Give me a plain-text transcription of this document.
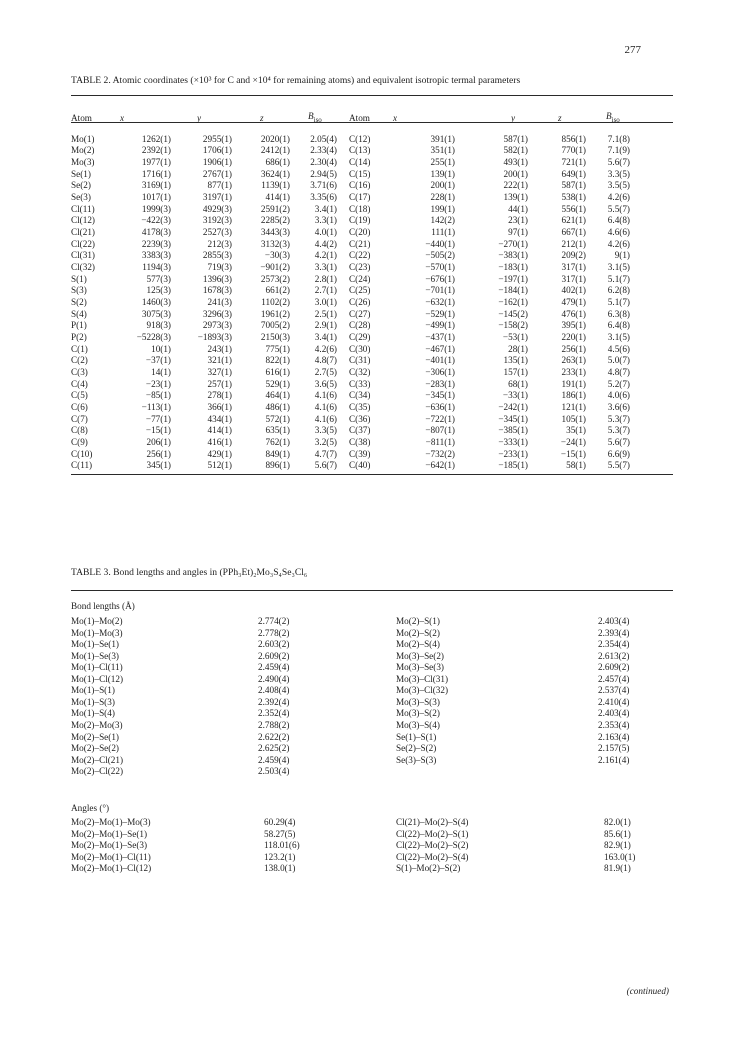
277
TABLE 2. Atomic coordinates (×10³ for C and ×10⁴ for remaining atoms) and equivalent isotropic termal parameters
Atom	x	y	z	$B_{iso}$		Atom	x	y	z	$B_{iso}$

Mo(1)	1262(1)	2955(1)	2020(1)	2.05(4)		C(12)	391(1)	587(1)	856(1)	7.1(8)
Mo(2)	2392(1)	1706(1)	2412(1)	2.33(4)		C(13)	351(1)	582(1)	770(1)	7.1(9)
Mo(3)	1977(1)	1906(1)	686(1)	2.30(4)		C(14)	255(1)	493(1)	721(1)	5.6(7)
Se(1)	1716(1)	2767(1)	3624(1)	2.94(5)		C(15)	139(1)	200(1)	649(1)	3.3(5)
Se(2)	3169(1)	877(1)	1139(1)	3.71(6)		C(16)	200(1)	222(1)	587(1)	3.5(5)
Se(3)	1017(1)	3197(1)	414(1)	3.35(6)		C(17)	228(1)	139(1)	538(1)	4.2(6)
Cl(11)	1999(3)	4929(3)	2591(2)	3.4(1)		C(18)	199(1)	44(1)	556(1)	5.5(7)
Cl(12)	−422(3)	3192(3)	2285(2)	3.3(1)		C(19)	142(2)	23(1)	621(1)	6.4(8)
Cl(21)	4178(3)	2527(3)	3443(3)	4.0(1)		C(20)	111(1)	97(1)	667(1)	4.6(6)
Cl(22)	2239(3)	212(3)	3132(3)	4.4(2)		C(21)	−440(1)	−270(1)	212(1)	4.2(6)
Cl(31)	3383(3)	2855(3)	−30(3)	4.2(1)		C(22)	−505(2)	−383(1)	209(2)	9(1)
Cl(32)	1194(3)	719(3)	−901(2)	3.3(1)		C(23)	−570(1)	−183(1)	317(1)	3.1(5)
S(1)	577(3)	1396(3)	2573(2)	2.8(1)		C(24)	−676(1)	−197(1)	317(1)	5.1(7)
S(3)	125(3)	1678(3)	661(2)	2.7(1)		C(25)	−701(1)	−184(1)	402(1)	6.2(8)
S(2)	1460(3)	241(3)	1102(2)	3.0(1)		C(26)	−632(1)	−162(1)	479(1)	5.1(7)
S(4)	3075(3)	3296(3)	1961(2)	2.5(1)		C(27)	−529(1)	−145(2)	476(1)	6.3(8)
P(1)	918(3)	2973(3)	7005(2)	2.9(1)		C(28)	−499(1)	−158(2)	395(1)	6.4(8)
P(2)	−5228(3)	−1893(3)	2150(3)	3.4(1)		C(29)	−437(1)	−53(1)	220(1)	3.1(5)
C(1)	10(1)	243(1)	775(1)	4.2(6)		C(30)	−467(1)	28(1)	256(1)	4.5(6)
C(2)	−37(1)	321(1)	822(1)	4.8(7)		C(31)	−401(1)	135(1)	263(1)	5.0(7)
C(3)	14(1)	327(1)	616(1)	2.7(5)		C(32)	−306(1)	157(1)	233(1)	4.8(7)
C(4)	−23(1)	257(1)	529(1)	3.6(5)		C(33)	−283(1)	68(1)	191(1)	5.2(7)
C(5)	−85(1)	278(1)	464(1)	4.1(6)		C(34)	−345(1)	−33(1)	186(1)	4.0(6)
C(6)	−113(1)	366(1)	486(1)	4.1(6)		C(35)	−636(1)	−242(1)	121(1)	3.6(6)
C(7)	−77(1)	434(1)	572(1)	4.1(6)		C(36)	−722(1)	−345(1)	105(1)	5.3(7)
C(8)	−15(1)	414(1)	635(1)	3.3(5)		C(37)	−807(1)	−385(1)	35(1)	5.3(7)
C(9)	206(1)	416(1)	762(1)	3.2(5)		C(38)	−811(1)	−333(1)	−24(1)	5.6(7)
C(10)	256(1)	429(1)	849(1)	4.7(7)		C(39)	−732(2)	−233(1)	−15(1)	6.6(9)
C(11)	345(1)	512(1)	896(1)	5.6(7)		C(40)	−642(1)	−185(1)	58(1)	5.5(7)
TABLE 3. Bond lengths and angles in (PPh₃Et)₂Mo₃S₄Se₃Cl₆
Bond lengths (Å)
Mo(1)–Mo(2)	2.774(2)	Mo(2)–S(1)	2.403(4)
Mo(1)–Mo(3)	2.778(2)	Mo(2)–S(2)	2.393(4)
Mo(1)–Se(1)	2.603(2)	Mo(2)–S(4)	2.354(4)
Mo(1)–Se(3)	2.609(2)	Mo(3)–Se(2)	2.613(2)
Mo(1)–Cl(11)	2.459(4)	Mo(3)–Se(3)	2.609(2)
Mo(1)–Cl(12)	2.490(4)	Mo(3)–Cl(31)	2.457(4)
Mo(1)–S(1)	2.408(4)	Mo(3)–Cl(32)	2.537(4)
Mo(1)–S(3)	2.392(4)	Mo(3)–S(3)	2.410(4)
Mo(1)–S(4)	2.352(4)	Mo(3)–S(2)	2.403(4)
Mo(2)–Mo(3)	2.788(2)	Mo(3)–S(4)	2.353(4)
Mo(2)–Se(1)	2.622(2)	Se(1)–S(1)	2.163(4)
Mo(2)–Se(2)	2.625(2)	Se(2)–S(2)	2.157(5)
Mo(2)–Cl(21)	2.459(4)	Se(3)–S(3)	2.161(4)
Mo(2)–Cl(22)	2.503(4)
Angles (°)
Mo(2)–Mo(1)–Mo(3)	60.29(4)	Cl(21)–Mo(2)–S(4)	82.0(1)
Mo(2)–Mo(1)–Se(1)	58.27(5)	Cl(22)–Mo(2)–S(1)	85.6(1)
Mo(2)–Mo(1)–Se(3)	118.01(6)	Cl(22)–Mo(2)–S(2)	82.9(1)
Mo(2)–Mo(1)–Cl(11)	123.2(1)	Cl(22)–Mo(2)–S(4)	163.0(1)
Mo(2)–Mo(1)–Cl(12)	138.0(1)	S(1)–Mo(2)–S(2)	81.9(1)
(continued)
